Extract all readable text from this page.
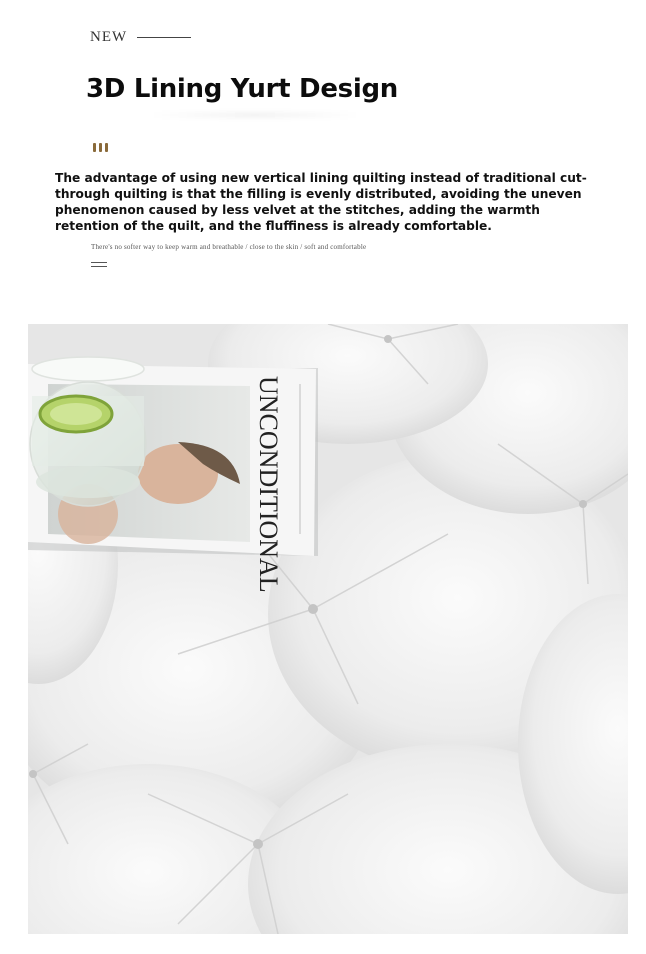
NEW
3D Lining Yurt Design

The advantage of using new vertical lining quilting instead of traditional cut-through quilting is that the filling is evenly distributed, avoiding the uneven phenomenon caused by less velvet at the stitches, adding the warmth retention of the quilt, and the fluffiness is already comfortable.

There's no softer way to keep warm and breathable / close to the skin / soft and comfortable

UNCONDITIONAL
